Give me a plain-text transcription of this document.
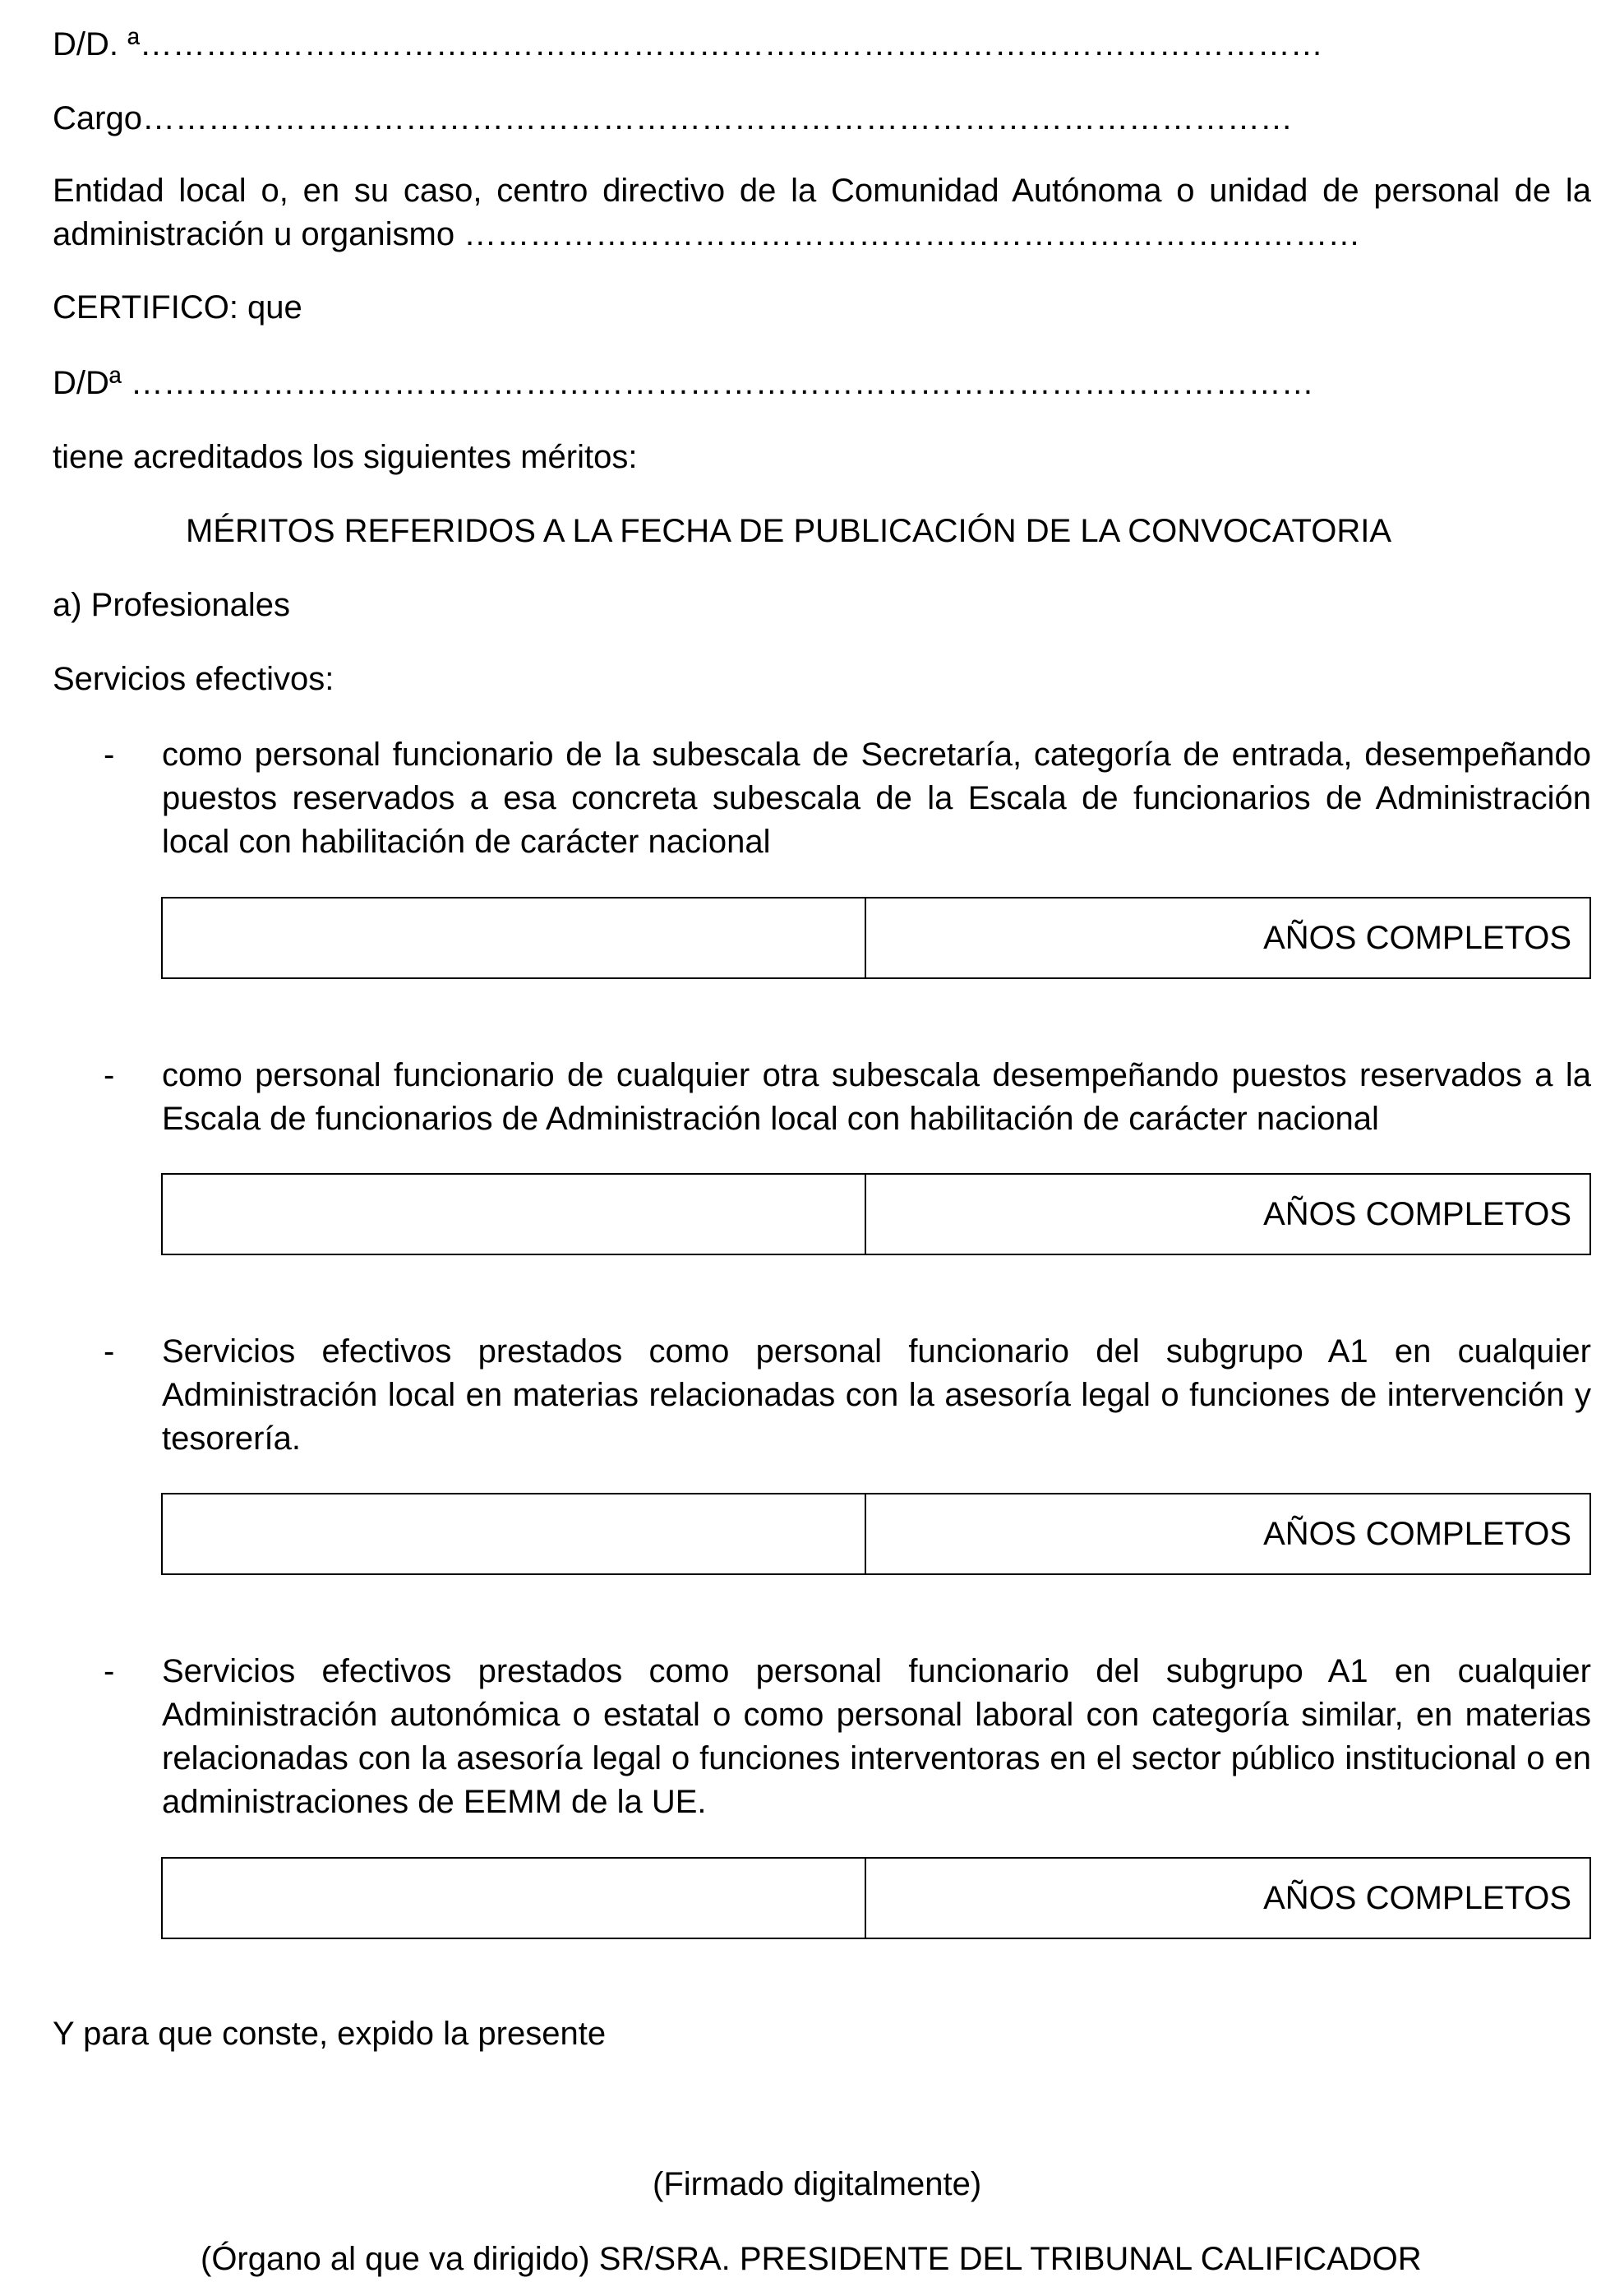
D/D. ª………………………………………………………………………………………………
Cargo……………………………………………………………………………………………
Entidad local o, en su caso, centro directivo de la Comunidad Autónoma o unidad de personal de la administración u organismo ……………………………………………………………….………
CERTIFICO: que
D/Dª ………………………………………………………………………………………………
tiene acreditados los siguientes méritos:
MÉRITOS REFERIDOS A LA FECHA DE PUBLICACIÓN DE LA CONVOCATORIA
a) Profesionales
Servicios efectivos:
- como personal funcionario de la subescala de Secretaría, categoría de entrada, desempeñando puestos reservados a esa concreta subescala de la Escala de funcionarios de Administración local con habilitación de carácter nacional
AÑOS COMPLETOS
- como personal funcionario de cualquier otra subescala desempeñando puestos reservados a la Escala de funcionarios de Administración local con habilitación de carácter nacional
AÑOS COMPLETOS
- Servicios efectivos prestados como personal funcionario del subgrupo A1 en cualquier Administración local en materias relacionadas con la asesoría legal o funciones de intervención y tesorería.
AÑOS COMPLETOS
- Servicios efectivos prestados como personal funcionario del subgrupo A1 en cualquier Administración autonómica o estatal o como personal laboral con categoría similar, en materias relacionadas con la asesoría legal o funciones interventoras en el sector público institucional o en administraciones de EEMM de la UE.
AÑOS COMPLETOS
Y para que conste, expido la presente
(Firmado digitalmente)
(Órgano al que va dirigido) SR/SRA. PRESIDENTE DEL TRIBUNAL CALIFICADOR
